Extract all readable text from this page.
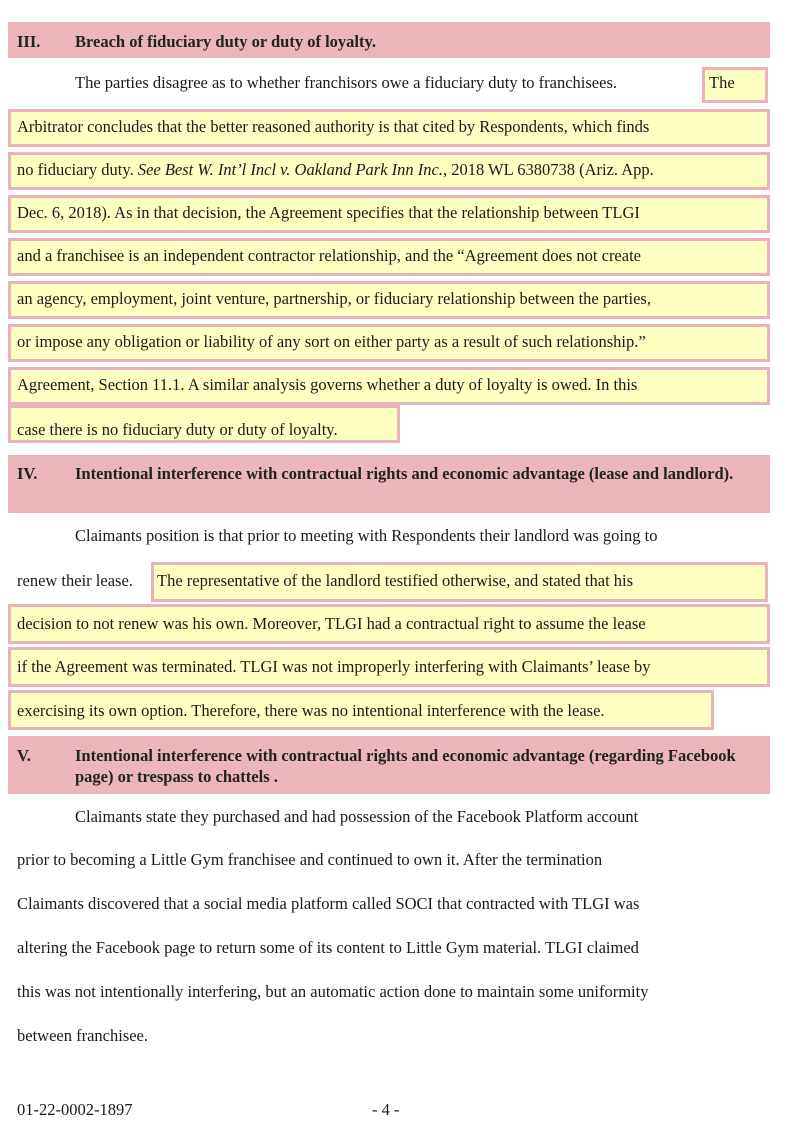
III. Breach of fiduciary duty or duty of loyalty.
The parties disagree as to whether franchisors owe a fiduciary duty to franchisees.	The
Arbitrator concludes that the better reasoned authority is that cited by Respondents, which finds
no fiduciary duty. See Best W. Int’l Incl v. Oakland Park Inn Inc., 2018 WL 6380738 (Ariz. App.
Dec. 6, 2018). As in that decision, the Agreement specifies that the relationship between TLGI
and a franchisee is an independent contractor relationship, and the “Agreement does not create
an agency, employment, joint venture, partnership, or fiduciary relationship between the parties,
or impose any obligation or liability of any sort on either party as a result of such relationship.”
Agreement, Section 11.1. A similar analysis governs whether a duty of loyalty is owed. In this
case there is no fiduciary duty or duty of loyalty.
IV. Intentional interference with contractual rights and economic advantage (lease and landlord).
Claimants position is that prior to meeting with Respondents their landlord was going to
renew their lease. The representative of the landlord testified otherwise, and stated that his
decision to not renew was his own. Moreover, TLGI had a contractual right to assume the lease
if the Agreement was terminated. TLGI was not improperly interfering with Claimants’ lease by
exercising its own option. Therefore, there was no intentional interference with the lease.
V.	Intentional interference with contractual rights and economic advantage (regarding Facebook page) or trespass to chattels .
Claimants state they purchased and had possession of the Facebook Platform account
prior to becoming a Little Gym franchisee and continued to own it. After the termination
Claimants discovered that a social media platform called SOCI that contracted with TLGI was
altering the Facebook page to return some of its content to Little Gym material. TLGI claimed
this was not intentionally interfering, but an automatic action done to maintain some uniformity
between franchisee.
01-22-0002-1897	- 4 -
